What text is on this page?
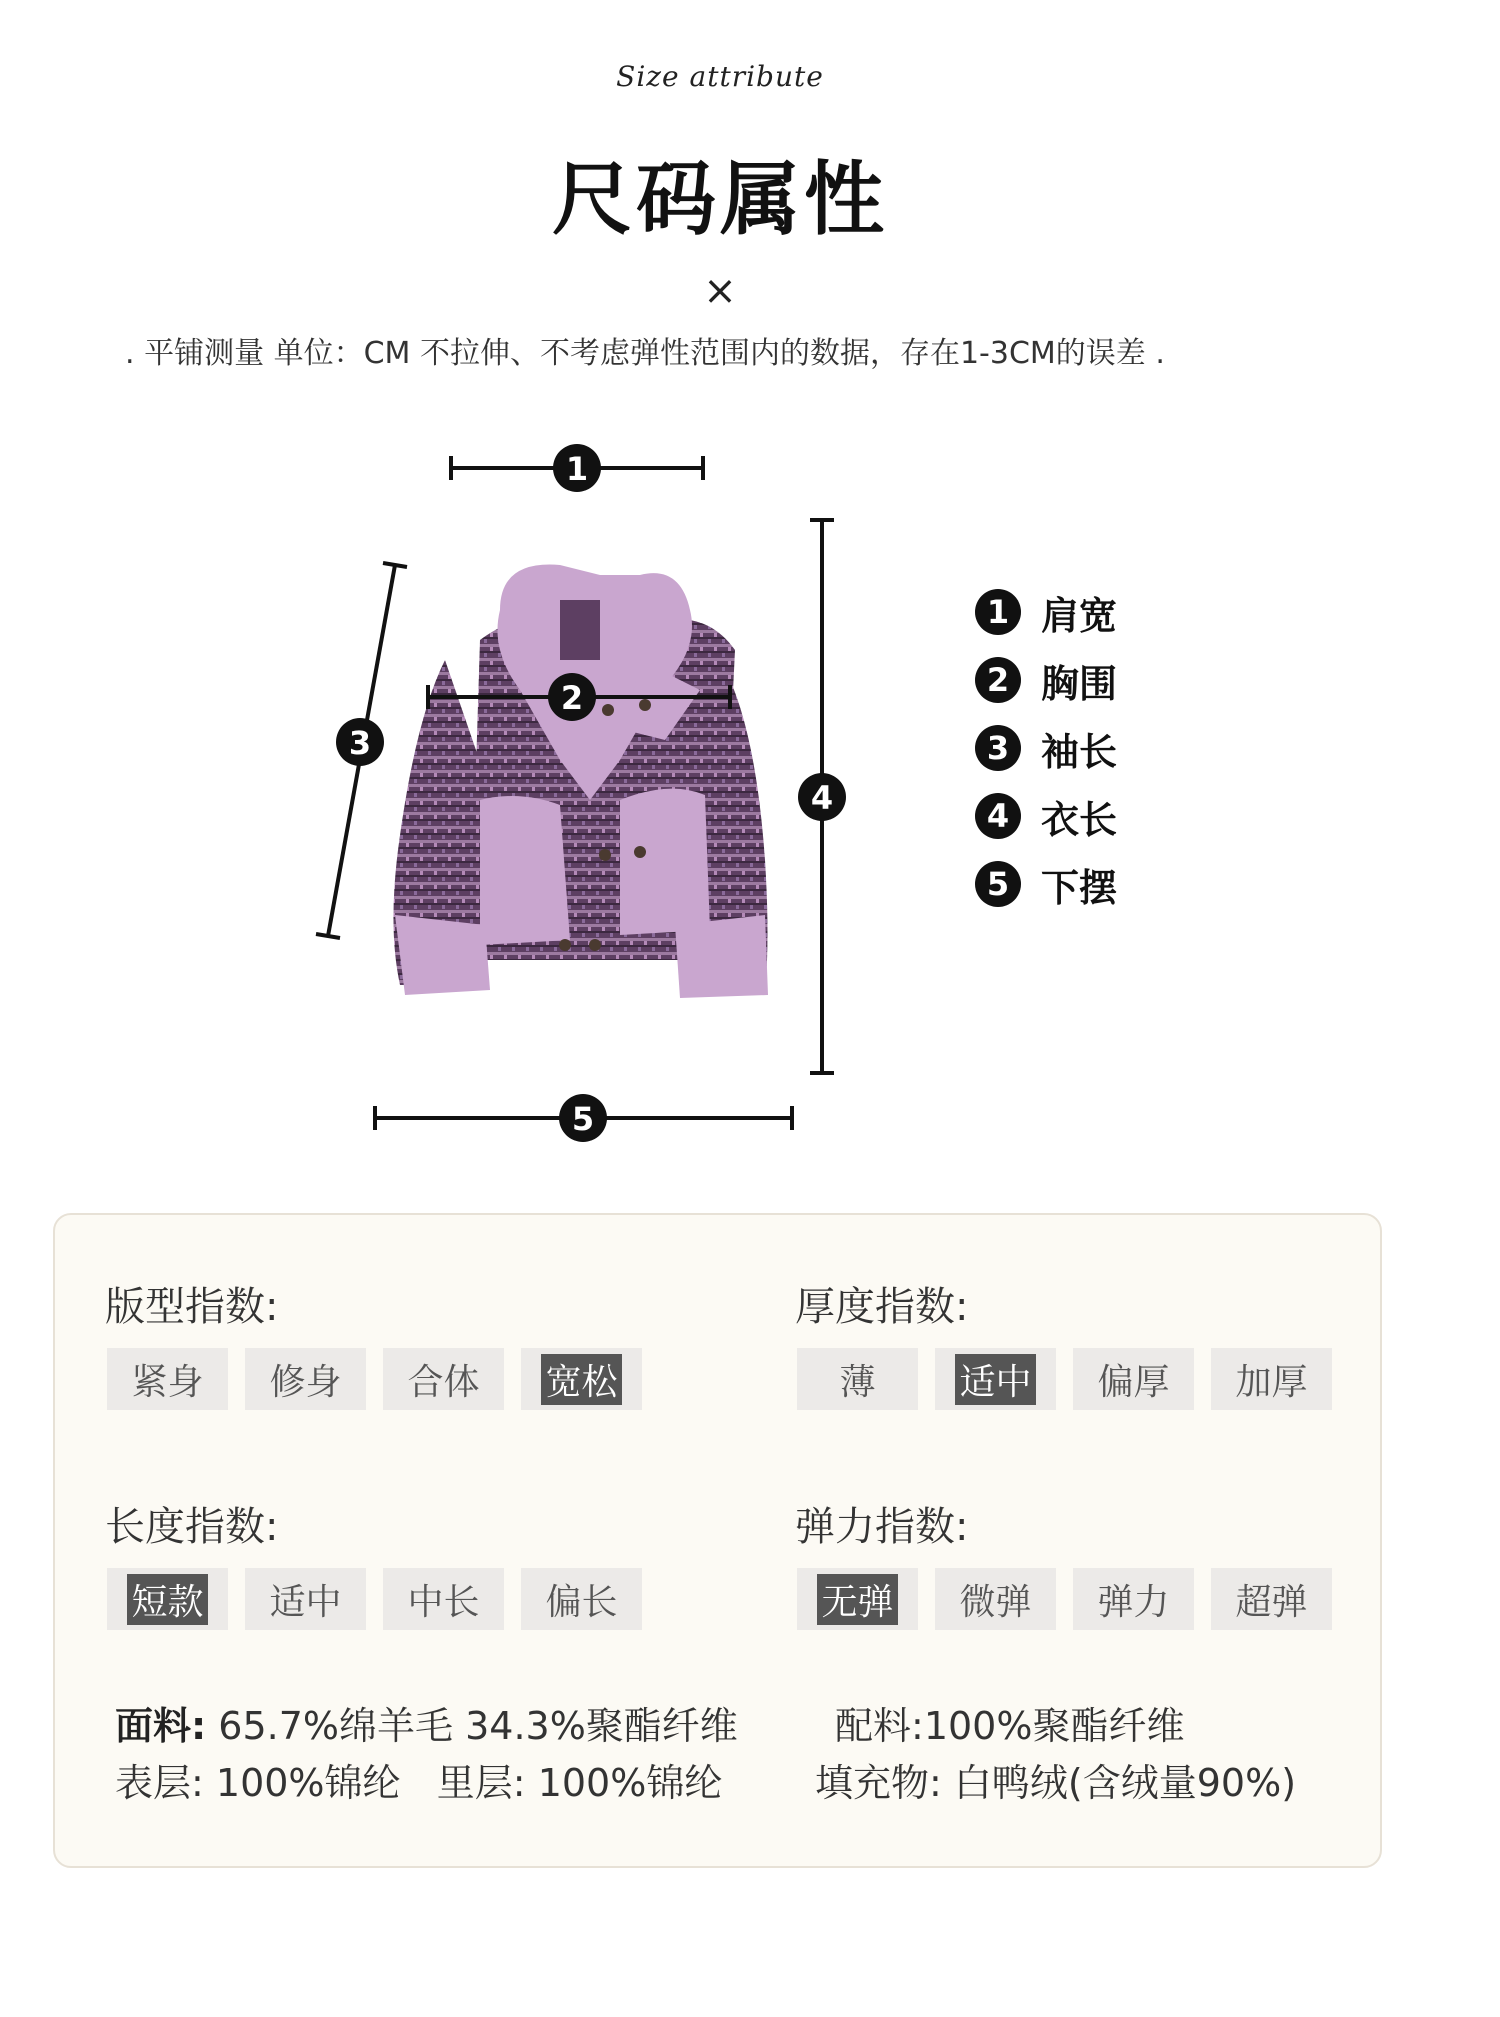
Size attribute
尺码属性
×
. 平铺测量 单位：CM 不拉伸、不考虑弹性范围内的数据，存在1-3CM的误差 .
1
2
3
4
5
1 肩宽
2 胸围
3 袖长
4 衣长
5 下摆
版型指数:
紧身 修身 合体 宽松
厚度指数:
薄 适中 偏厚 加厚
长度指数:
短款 适中 中长 偏长
弹力指数:
无弹 微弹 弹力 超弹
面料: 65.7%绵羊毛 34.3%聚酯纤维	配料:100%聚酯纤维
表层: 100%锦纶 里层: 100%锦纶 填充物: 白鸭绒(含绒量90%)
